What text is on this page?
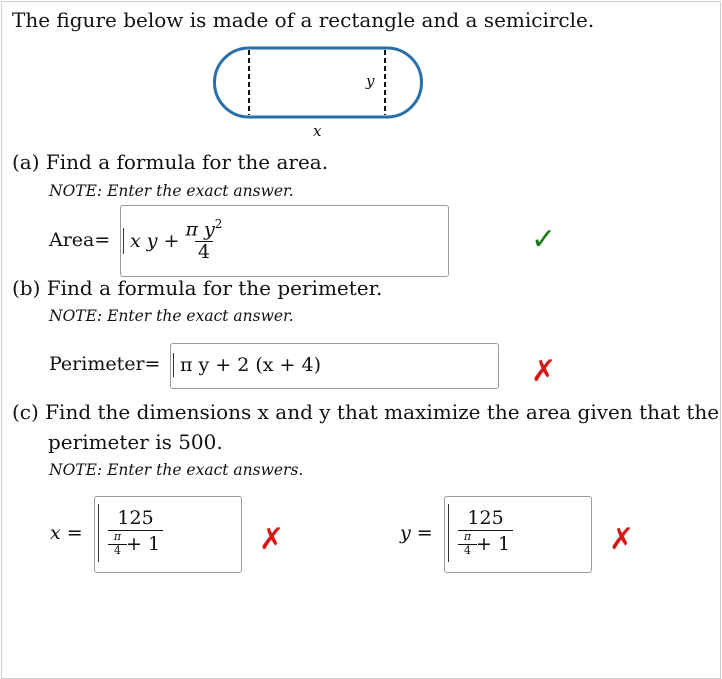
The figure below is made of a rectangle and a semicircle.
y
x
(a) Find a formula for the area.
NOTE: Enter the exact answer.
Area= x
y
+ $\frac{\pi y^2}{4}$	✓
(b) Find a formula for the perimeter.
NOTE: Enter the exact answer.
Perimeter= π y + 2 (x + 4)	✗
(c) Find the dimensions x and y that maximize the area given that the
perimeter is 500.
NOTE: Enter the exact answers.
x = 125
π
4 + 1	✗	y = 125
π
4 + 1	✗
